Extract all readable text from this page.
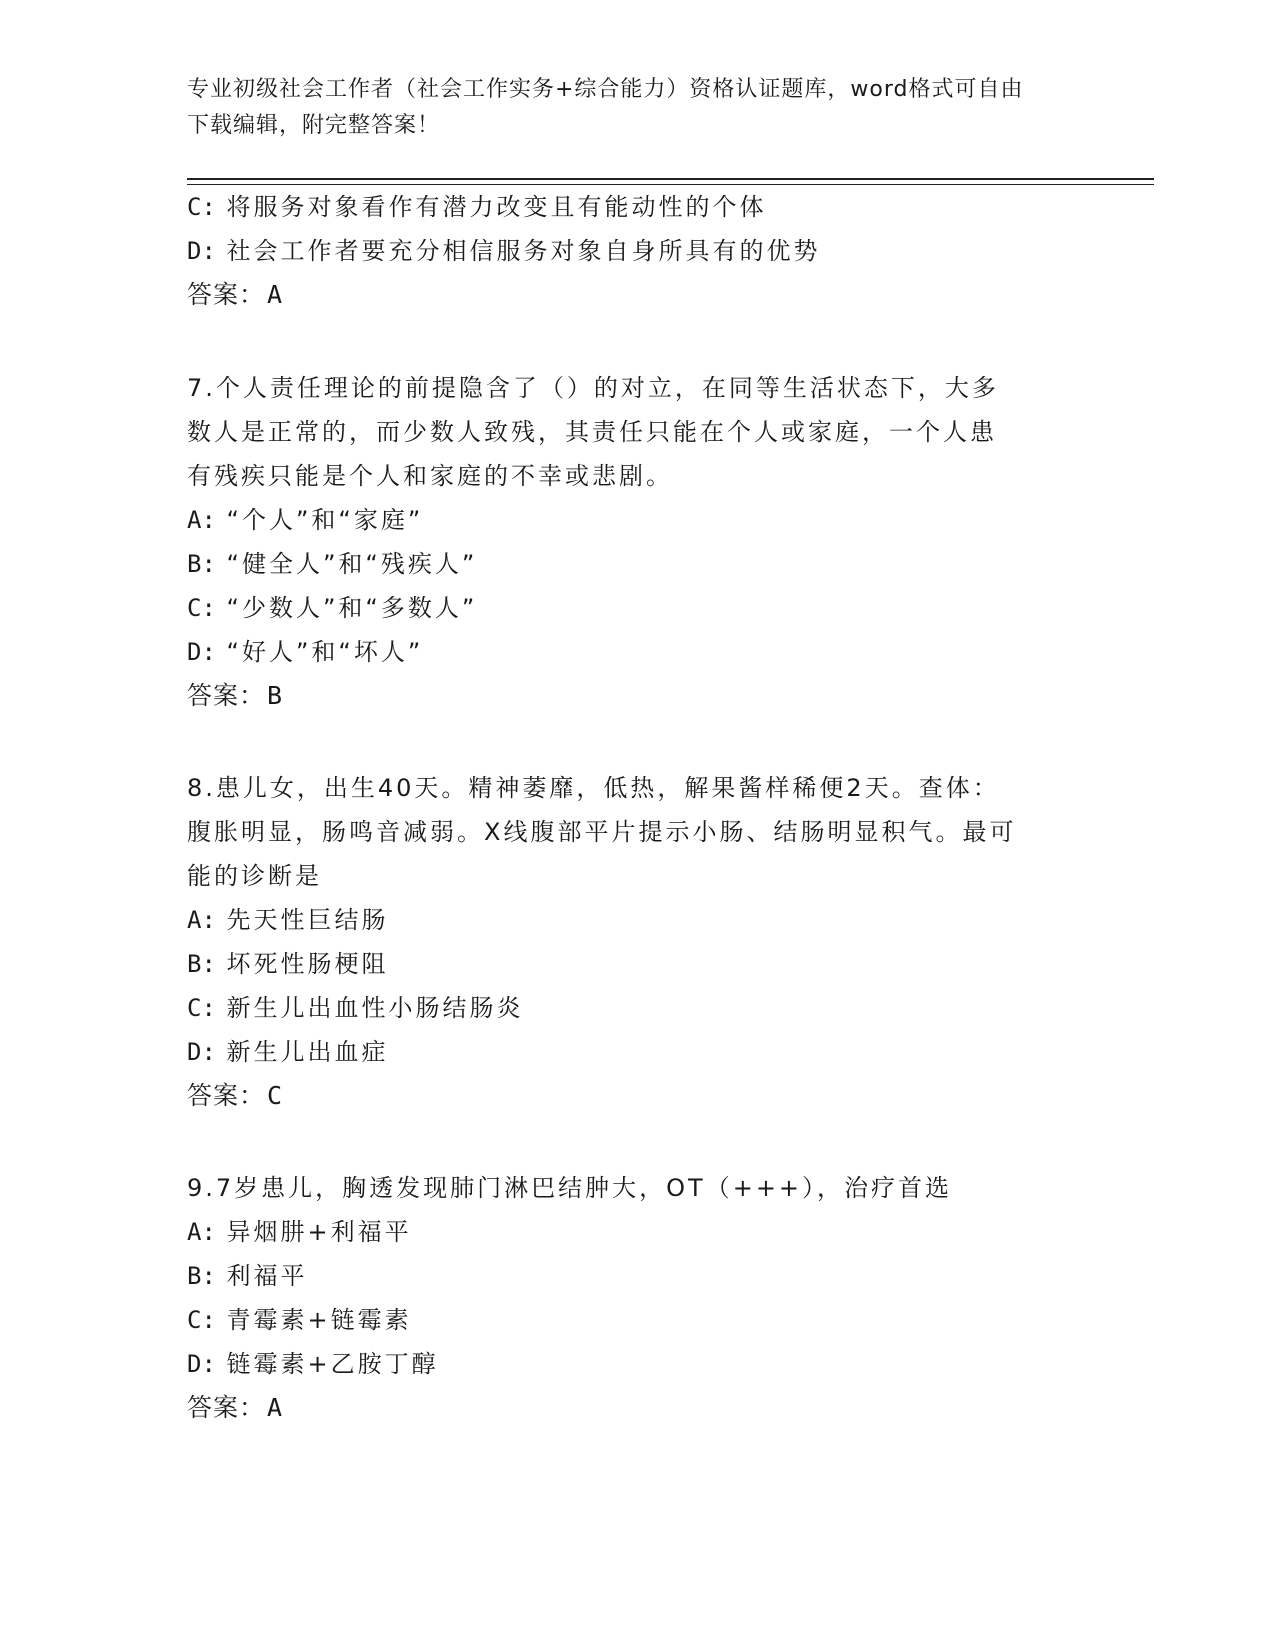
专业初级社会工作者（社会工作实务+综合能力）资格认证题库，word格式可自由
下载编辑，附完整答案！
C: 将服务对象看作有潜力改变且有能动性的个体
D: 社会工作者要充分相信服务对象自身所具有的优势
答案：A
7.个人责任理论的前提隐含了（）的对立，在同等生活状态下，大多
数人是正常的，而少数人致残，其责任只能在个人或家庭，一个人患
有残疾只能是个人和家庭的不幸或悲剧。
A: “个人”和“家庭”
B: “健全人”和“残疾人”
C: “少数人”和“多数人”
D: “好人”和“坏人”
答案：B
8.患儿女，出生40天。精神萎靡，低热，解果酱样稀便2天。查体：
腹胀明显，肠鸣音减弱。X线腹部平片提示小肠、结肠明显积气。最可
能的诊断是
A: 先天性巨结肠
B: 坏死性肠梗阻
C: 新生儿出血性小肠结肠炎
D: 新生儿出血症
答案：C
9.7岁患儿，胸透发现肺门淋巴结肿大，OT（+++），治疗首选
A: 异烟肼+利福平
B: 利福平
C: 青霉素+链霉素
D: 链霉素+乙胺丁醇
答案：A
